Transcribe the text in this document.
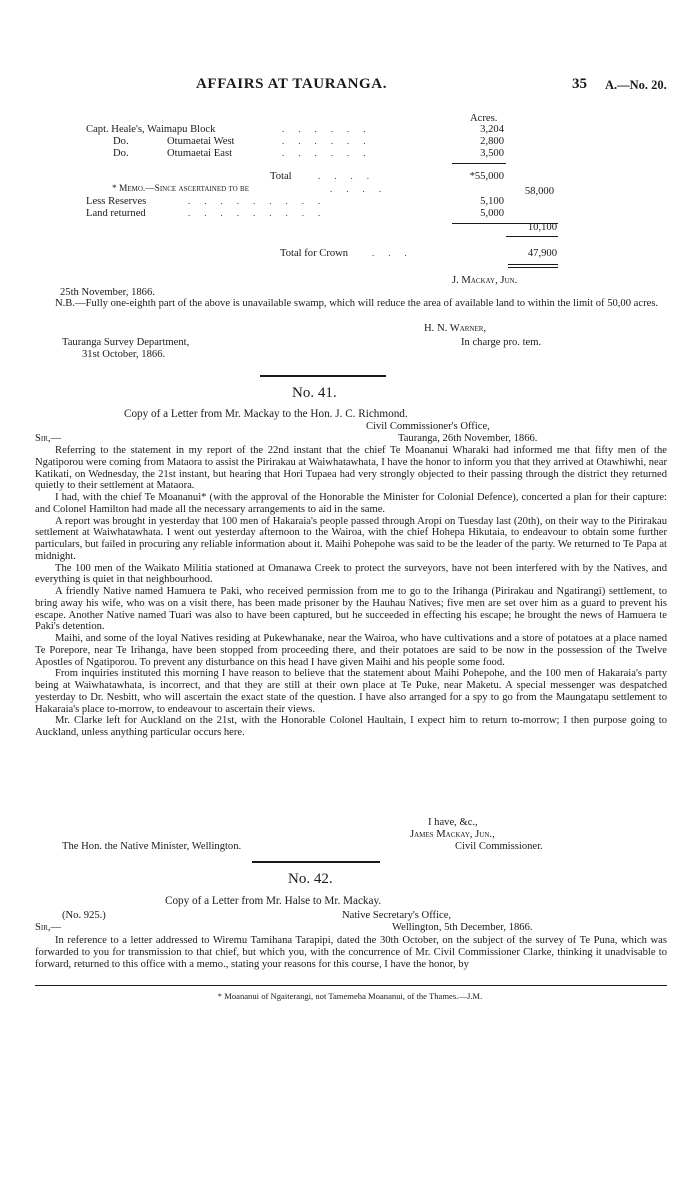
AFFAIRS AT TAURANGA.	35 A.—No. 20.
Acres.
Capt. Heale's, Waimapu Block	......	3,204
Do.	Otumaetai West	......	2,800
Do.	Otumaetai East	......	3,500
Total	....	*55,000
* Memo.—Since ascertained to be	....	58,000
Less Reserves	.........	5,100
Land returned	.........	5,000
10,100
Total for Crown	...	47,900
J. Mackay, Jun.
25th November, 1866.

N.B.—Fully one-eighth part of the above is unavailable swamp, which will reduce the area of available land to within the limit of 50,00 acres.

H. N. Warner,
Tauranga Survey Department,	In charge pro. tem.
31st October, 1866.
No. 41.
Copy of a Letter from Mr. Mackay to the Hon. J. C. Richmond.
Civil Commissioner's Office,
Sir,—	Tauranga, 26th November, 1866.

Referring to the statement in my report of the 22nd instant that the chief Te Moananui Wharaki had informed me that fifty men of the Ngatiporou were coming from Mataora to assist the Pirirakau at Waiwhatawhata, I have the honor to inform you that they arrived at Otawhiwhi, near Katikati, on Wednesday, the 21st instant, but hearing that Hori Tupaea had very strongly objected to their passing through the district they returned quietly to their settlement at Mataora.

I had, with the chief Te Moananui* (with the approval of the Honorable the Minister for Colonial Defence), concerted a plan for their capture: and Colonel Hamilton had made all the necessary arrangements to aid in the same.

A report was brought in yesterday that 100 men of Hakaraia's people passed through Aropi on Tuesday last (20th), on their way to the Pirirakau settlement at Waiwhatawhata. I went out yesterday afternoon to the Wairoa, with the chief Hohepa Hikutaia, to endeavour to obtain some further particulars, but failed in procuring any reliable information about it. Maihi Pohepohe was said to be the leader of the party. We returned to Te Papa at midnight.

The 100 men of the Waikato Militia stationed at Omanawa Creek to protect the surveyors, have not been interfered with by the Natives, and everything is quiet in that neighbourhood.

A friendly Native named Hamuera te Paki, who received permission from me to go to the Irihanga (Pirirakau and Ngatirangi) settlement, to bring away his wife, who was on a visit there, has been made prisoner by the Hauhau Natives; five men are set over him as a guard to prevent his escape. Another Native named Tuari was also to have been captured, but he succeeded in effecting his escape; he brought the news of Hamuera te Paki's detention.

Maihi, and some of the loyal Natives residing at Pukewhanake, near the Wairoa, who have cultivations and a store of potatoes at a place named Te Porepore, near Te Irihanga, have been stopped from proceeding there, and their potatoes are said to be now in the possession of the Twelve Apostles of Ngatiporou. To prevent any disturbance on this head I have given Maihi and his people some food.

From inquiries instituted this morning I have reason to believe that the statement about Maihi Pohepohe, and the 100 men of Hakaraia's party being at Waiwhatawhata, is incorrect, and that they are still at their own place at Te Puke, near Maketu. A special messenger was despatched yesterday to Dr. Nesbitt, who will ascertain the exact state of the question. I have also arranged for a spy to go from the Maungatapu settlement to Hakaraia's place to-morrow, to endeavour to ascertain their views.

Mr. Clarke left for Auckland on the 21st, with the Honorable Colonel Haultain, I expect him to return to-morrow; I then purpose going to Auckland, unless anything particular occurs here.

I have, &c.,
James Mackay, Jun.,
The Hon. the Native Minister, Wellington.	Civil Commissioner.
No. 42.
Copy of a Letter from Mr. Halse to Mr. Mackay.
(No. 925.)	Native Secretary's Office,
Sir,—	Wellington, 5th December, 1866.

In reference to a letter addressed to Wiremu Tamihana Tarapipi, dated the 30th October, on the subject of the survey of Te Puna, which was forwarded to you for transmission to that chief, but which you, with the concurrence of Mr. Civil Commissioner Clarke, thinking it unadvisable to forward, returned to this office with a memo., stating your reasons for this course, I have the honor, by

* Moananui of Ngaiterangi, not Tamemeha Moananui, of the Thames.—J.M.
